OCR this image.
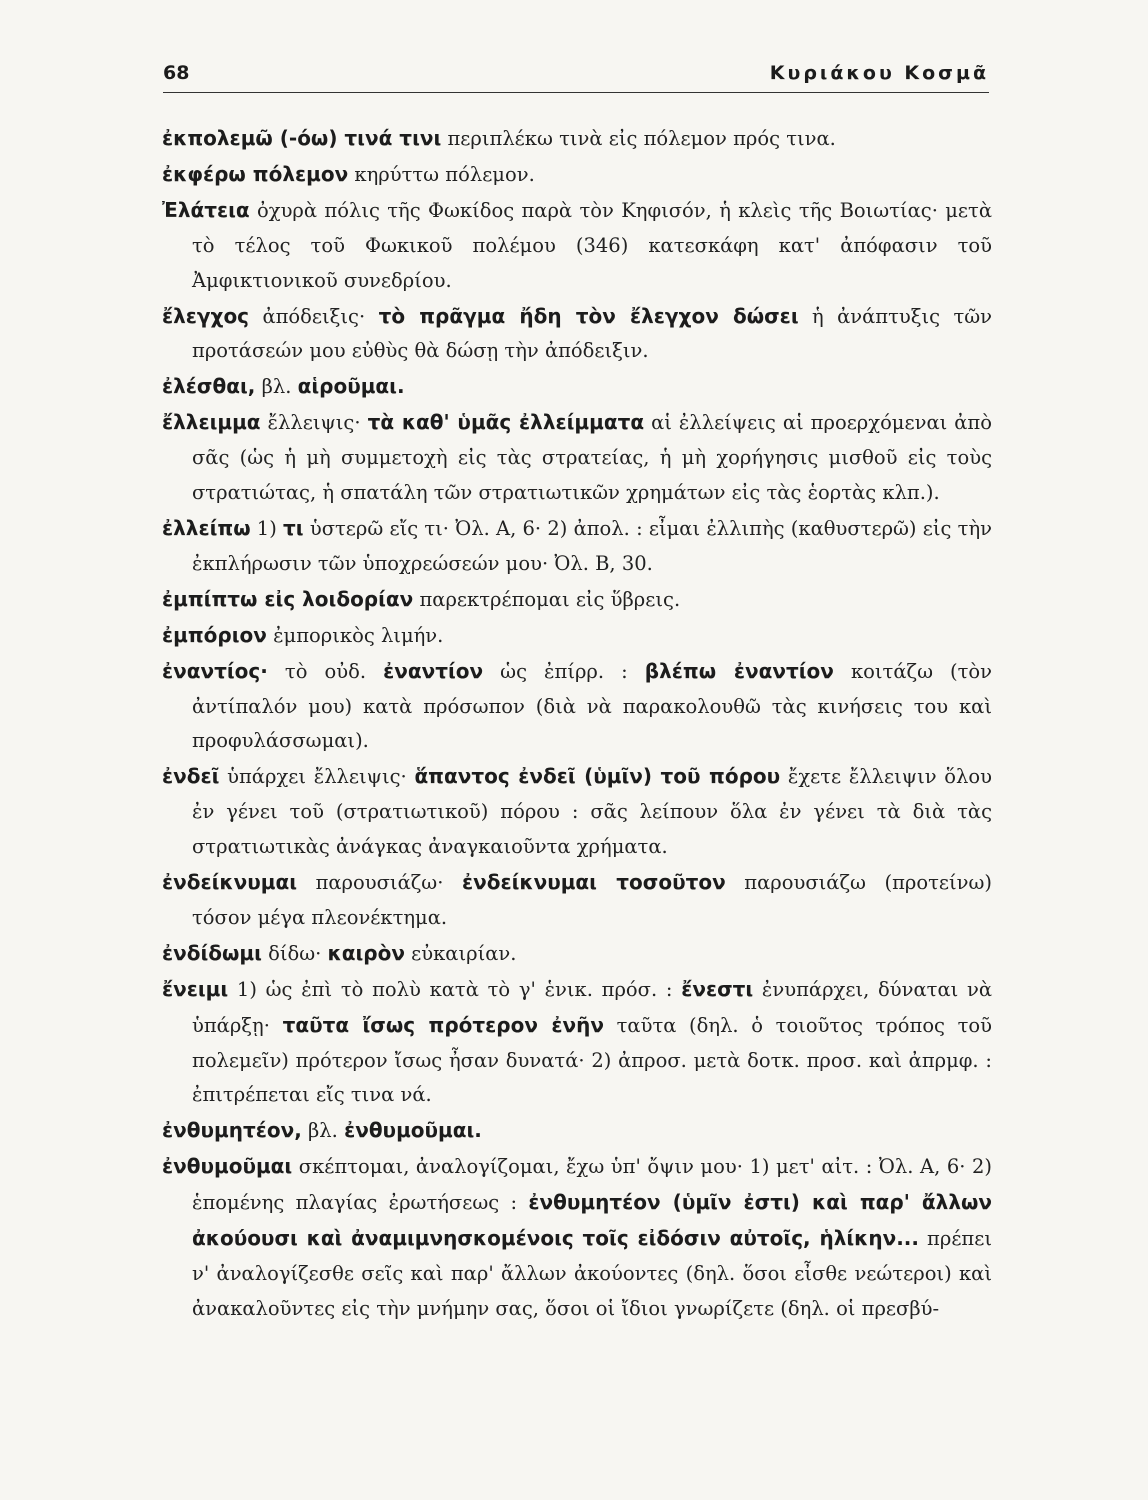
68	Κυριάκου Κοσμᾶ

ἐκπολεμῶ (-όω) τινά τινι περιπλέκω τινὰ εἰς πόλεμον πρός τινα.

ἐκφέρω πόλεμον κηρύττω πόλεμον.

Ἐλάτεια ὀχυρὰ πόλις τῆς Φωκίδος παρὰ τὸν Κηφισόν, ἡ κλεὶς τῆς Βοιωτίας· μετὰ τὸ τέλος τοῦ Φωκικοῦ πολέμου (346) κατεσκάφη κατ' ἀπόφασιν τοῦ Ἀμφικτιονικοῦ συνεδρίου.

ἔλεγχος ἀπόδειξις· τὸ πρᾶγμα ἤδη τὸν ἔλεγχον δώσει ἡ ἀνάπτυξις τῶν προτάσεών μου εὐθὺς θὰ δώσῃ τὴν ἀπόδειξιν.

ἐλέσθαι, βλ. αἱροῦμαι.

ἔλλειμμα ἔλλειψις· τὰ καθ' ὑμᾶς ἐλλείμματα αἱ ἐλλείψεις αἱ προερχόμεναι ἀπὸ σᾶς (ὡς ἡ μὴ συμμετοχὴ εἰς τὰς στρατείας, ἡ μὴ χορήγησις μισθοῦ εἰς τοὺς στρατιώτας, ἡ σπατάλη τῶν στρατιωτικῶν χρημάτων εἰς τὰς ἑορτὰς κλπ.).

ἐλλείπω 1) τι ὑστερῶ εἴς τι· Ὀλ. Α, 6· 2) ἀπολ. : εἶμαι ἐλλιπὴς (καθυστερῶ) εἰς τὴν ἐκπλήρωσιν τῶν ὑποχρεώσεών μου· Ὀλ. Β, 30.

ἐμπίπτω εἰς λοιδορίαν παρεκτρέπομαι εἰς ὕβρεις.

ἐμπόριον ἐμπορικὸς λιμήν.

ἐναντίος· τὸ οὐδ. ἐναντίον ὡς ἐπίρρ. : βλέπω ἐναντίον κοιτάζω (τὸν ἀντίπαλόν μου) κατὰ πρόσωπον (διὰ νὰ παρακολουθῶ τὰς κινήσεις του καὶ προφυλάσσωμαι).

ἐνδεῖ ὑπάρχει ἔλλειψις· ἅπαντος ἐνδεῖ (ὑμῖν) τοῦ πόρου ἔχετε ἔλλειψιν ὅλου ἐν γένει τοῦ (στρατιωτικοῦ) πόρου : σᾶς λείπουν ὅλα ἐν γένει τὰ διὰ τὰς στρατιωτικὰς ἀνάγκας ἀναγκαιοῦντα χρήματα.

ἐνδείκνυμαι παρουσιάζω· ἐνδείκνυμαι τοσοῦτον παρουσιάζω (προτείνω) τόσον μέγα πλεονέκτημα.

ἐνδίδωμι δίδω· καιρὸν εὐκαιρίαν.

ἔνειμι 1) ὡς ἐπὶ τὸ πολὺ κατὰ τὸ γ' ἑνικ. πρόσ. : ἔνεστι ἐνυπάρχει, δύναται νὰ ὑπάρξῃ· ταῦτα ἴσως πρότερον ἐνῆν ταῦτα (δηλ. ὁ τοιοῦτος τρόπος τοῦ πολεμεῖν) πρότερον ἴσως ἦσαν δυνατά· 2) ἀπροσ. μετὰ δοτκ. προσ. καὶ ἀπρμφ. : ἐπιτρέπεται εἴς τινα νά.

ἐνθυμητέον, βλ. ἐνθυμοῦμαι.

ἐνθυμοῦμαι σκέπτομαι, ἀναλογίζομαι, ἔχω ὑπ' ὄψιν μου· 1) μετ' αἰτ. : Ὀλ. Α, 6· 2) ἑπομένης πλαγίας ἐρωτήσεως : ἐνθυμητέον (ὑμῖν ἐστι) καὶ παρ' ἄλλων ἀκούουσι καὶ ἀναμιμνησκομένοις τοῖς εἰδόσιν αὐτοῖς, ἡλίκην... πρέπει ν' ἀναλογίζεσθε σεῖς καὶ παρ' ἄλλων ἀκούοντες (δηλ. ὅσοι εἶσθε νεώτεροι) καὶ ἀνακαλοῦντες εἰς τὴν μνήμην σας, ὅσοι οἱ ἴδιοι γνωρίζετε (δηλ. οἱ πρεσβύ-
